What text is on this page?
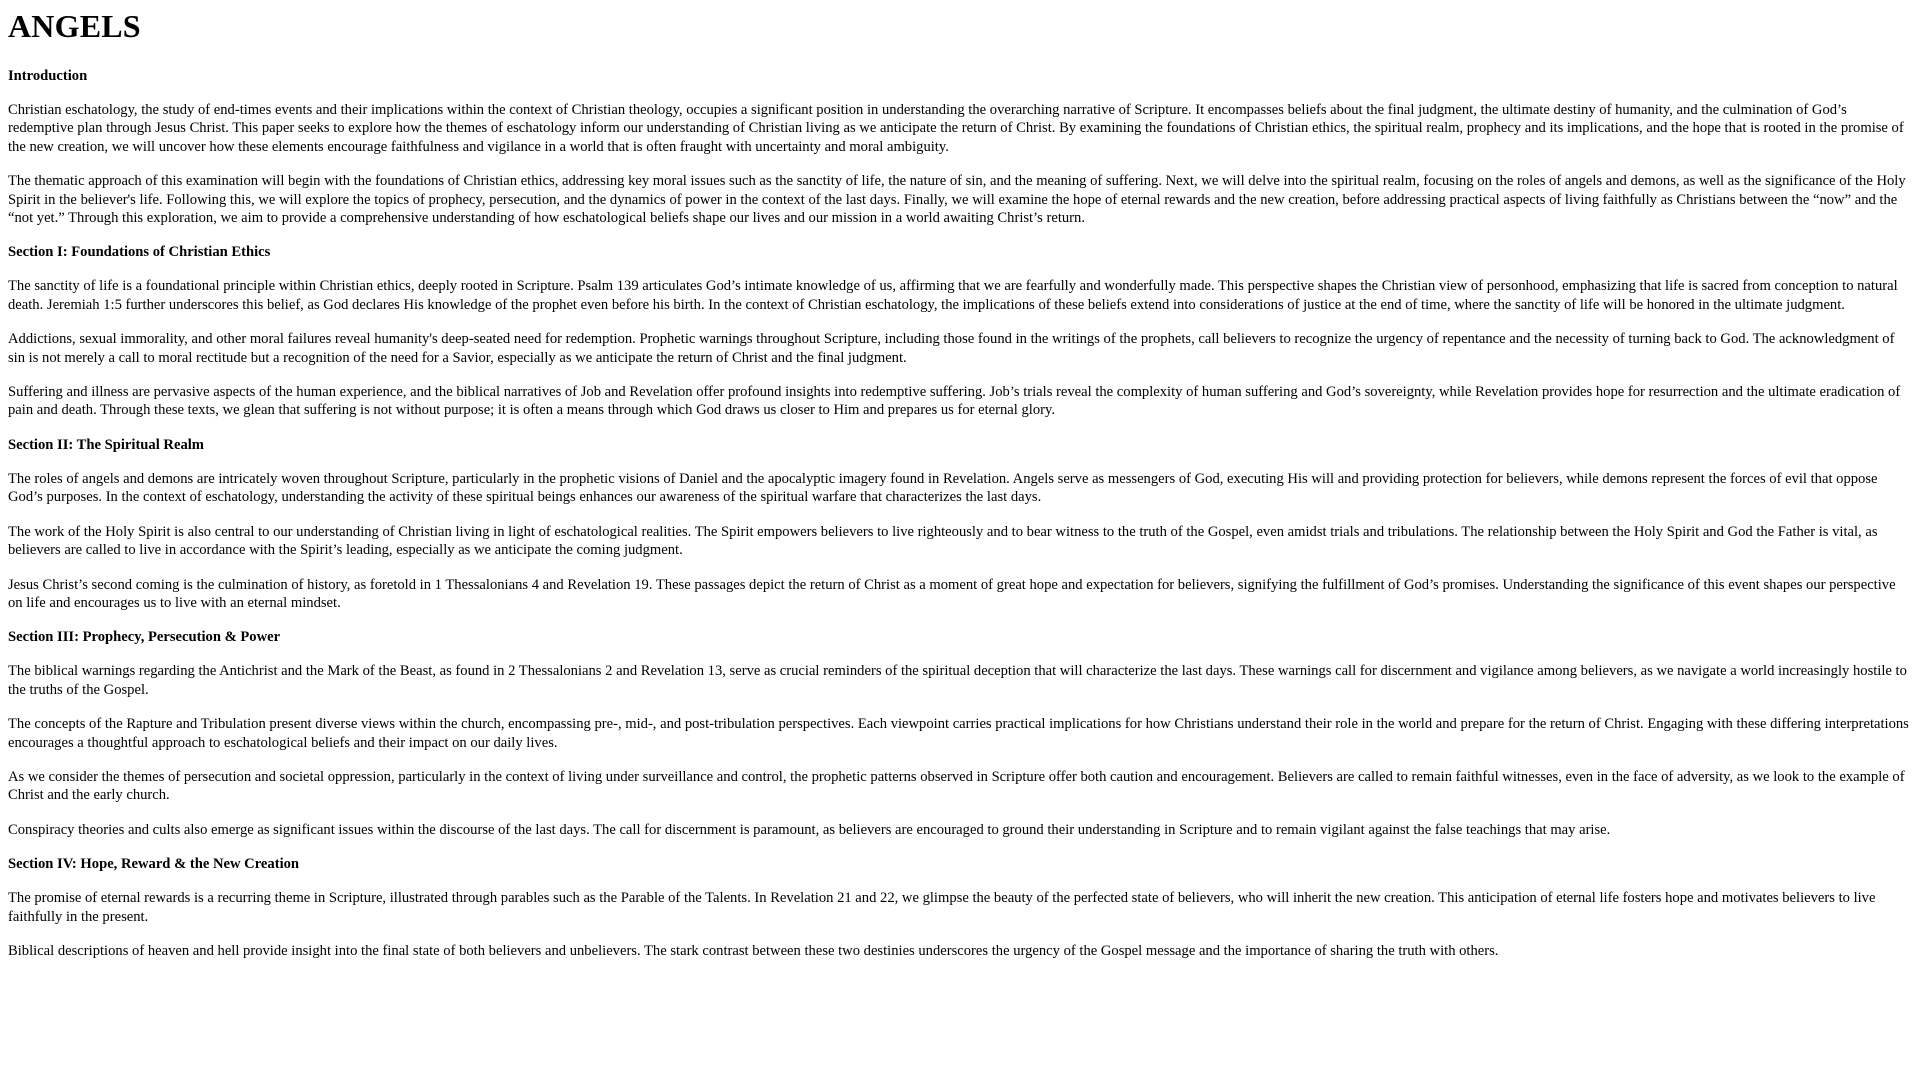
ANGELS
Introduction

Christian eschatology, the study of end-times events and their implications within the context of Christian theology, occupies a significant position in understanding the overarching narrative of Scripture. It encompasses beliefs about the final judgment, the ultimate destiny of humanity, and the culmination of God’s redemptive plan through Jesus Christ. This paper seeks to explore how the themes of eschatology inform our understanding of Christian living as we anticipate the return of Christ. By examining the foundations of Christian ethics, the spiritual realm, prophecy and its implications, and the hope that is rooted in the promise of the new creation, we will uncover how these elements encourage faithfulness and vigilance in a world that is often fraught with uncertainty and moral ambiguity.

The thematic approach of this examination will begin with the foundations of Christian ethics, addressing key moral issues such as the sanctity of life, the nature of sin, and the meaning of suffering. Next, we will delve into the spiritual realm, focusing on the roles of angels and demons, as well as the significance of the Holy Spirit in the believer's life. Following this, we will explore the topics of prophecy, persecution, and the dynamics of power in the context of the last days. Finally, we will examine the hope of eternal rewards and the new creation, before addressing practical aspects of living faithfully as Christians between the “now” and the “not yet.” Through this exploration, we aim to provide a comprehensive understanding of how eschatological beliefs shape our lives and our mission in a world awaiting Christ’s return.

Section I: Foundations of Christian Ethics

The sanctity of life is a foundational principle within Christian ethics, deeply rooted in Scripture. Psalm 139 articulates God’s intimate knowledge of us, affirming that we are fearfully and wonderfully made. This perspective shapes the Christian view of personhood, emphasizing that life is sacred from conception to natural death. Jeremiah 1:5 further underscores this belief, as God declares His knowledge of the prophet even before his birth. In the context of Christian eschatology, the implications of these beliefs extend into considerations of justice at the end of time, where the sanctity of life will be honored in the ultimate judgment.

Addictions, sexual immorality, and other moral failures reveal humanity's deep-seated need for redemption. Prophetic warnings throughout Scripture, including those found in the writings of the prophets, call believers to recognize the urgency of repentance and the necessity of turning back to God. The acknowledgment of sin is not merely a call to moral rectitude but a recognition of the need for a Savior, especially as we anticipate the return of Christ and the final judgment.

Suffering and illness are pervasive aspects of the human experience, and the biblical narratives of Job and Revelation offer profound insights into redemptive suffering. Job’s trials reveal the complexity of human suffering and God’s sovereignty, while Revelation provides hope for resurrection and the ultimate eradication of pain and death. Through these texts, we glean that suffering is not without purpose; it is often a means through which God draws us closer to Him and prepares us for eternal glory.

Section II: The Spiritual Realm

The roles of angels and demons are intricately woven throughout Scripture, particularly in the prophetic visions of Daniel and the apocalyptic imagery found in Revelation. Angels serve as messengers of God, executing His will and providing protection for believers, while demons represent the forces of evil that oppose God’s purposes. In the context of eschatology, understanding the activity of these spiritual beings enhances our awareness of the spiritual warfare that characterizes the last days.

The work of the Holy Spirit is also central to our understanding of Christian living in light of eschatological realities. The Spirit empowers believers to live righteously and to bear witness to the truth of the Gospel, even amidst trials and tribulations. The relationship between the Holy Spirit and God the Father is vital, as believers are called to live in accordance with the Spirit’s leading, especially as we anticipate the coming judgment.

Jesus Christ’s second coming is the culmination of history, as foretold in 1 Thessalonians 4 and Revelation 19. These passages depict the return of Christ as a moment of great hope and expectation for believers, signifying the fulfillment of God’s promises. Understanding the significance of this event shapes our perspective on life and encourages us to live with an eternal mindset.

Section III: Prophecy, Persecution & Power

The biblical warnings regarding the Antichrist and the Mark of the Beast, as found in 2 Thessalonians 2 and Revelation 13, serve as crucial reminders of the spiritual deception that will characterize the last days. These warnings call for discernment and vigilance among believers, as we navigate a world increasingly hostile to the truths of the Gospel.

The concepts of the Rapture and Tribulation present diverse views within the church, encompassing pre-, mid-, and post-tribulation perspectives. Each viewpoint carries practical implications for how Christians understand their role in the world and prepare for the return of Christ. Engaging with these differing interpretations encourages a thoughtful approach to eschatological beliefs and their impact on our daily lives.

As we consider the themes of persecution and societal oppression, particularly in the context of living under surveillance and control, the prophetic patterns observed in Scripture offer both caution and encouragement. Believers are called to remain faithful witnesses, even in the face of adversity, as we look to the example of Christ and the early church.

Conspiracy theories and cults also emerge as significant issues within the discourse of the last days. The call for discernment is paramount, as believers are encouraged to ground their understanding in Scripture and to remain vigilant against the false teachings that may arise.

Section IV: Hope, Reward & the New Creation

The promise of eternal rewards is a recurring theme in Scripture, illustrated through parables such as the Parable of the Talents. In Revelation 21 and 22, we glimpse the beauty of the perfected state of believers, who will inherit the new creation. This anticipation of eternal life fosters hope and motivates believers to live faithfully in the present.

Biblical descriptions of heaven and hell provide insight into the final state of both believers and unbelievers. The stark contrast between these two destinies underscores the urgency of the Gospel message and the importance of sharing the truth with others.
